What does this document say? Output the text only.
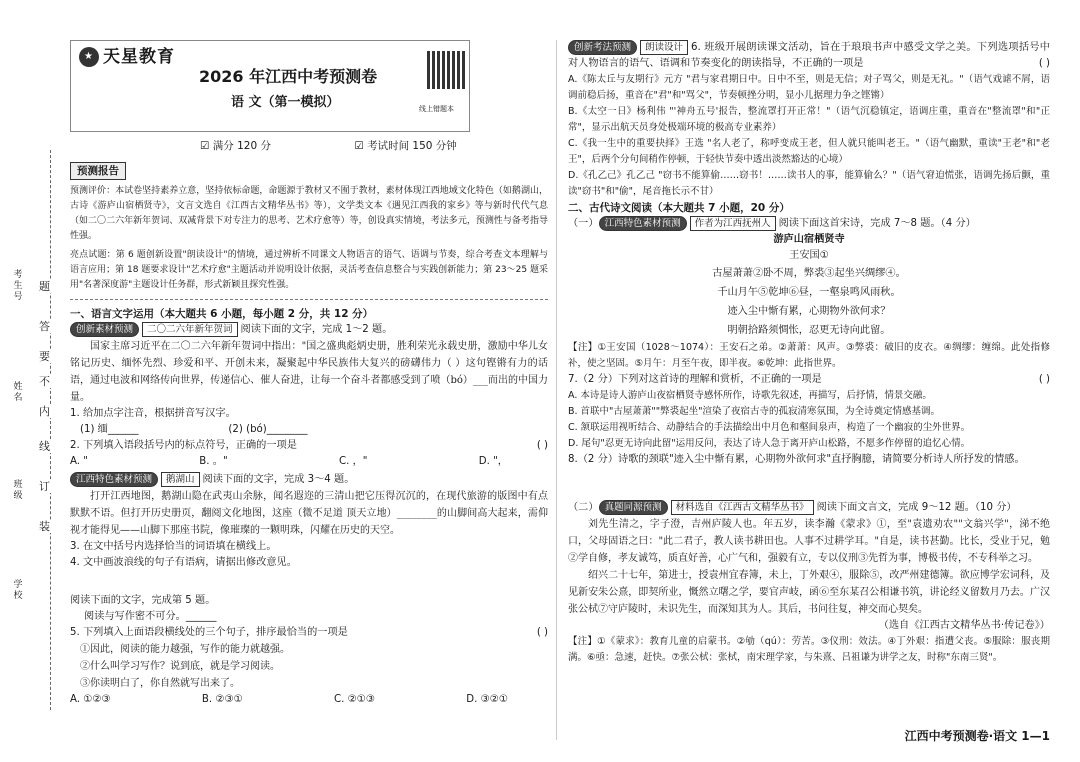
装
订
线
内
不
要
答
题
考生号
姓名
班级
学校
★ 天星教育
2026 年江西中考预测卷
语 文（第一模拟）	线上错题本
☑ 满分 120 分	☑ 考试时间 150 分钟
预测报告
预测评价：本试卷坚持素养立意，坚持依标命题，命题源于教材又不囿于教材，素材体现江西地域文化特色（如鹅湖山，古诗《游庐山宿栖贤寺》，文言文选自《江西古文精华丛书》等），文学类文本《遇见江西我的家乡》等与新时代代气息（如二〇二六年新年贺词、双减背景下对专注力的思考、艺术疗愈等）等，创设真实情境，考法多元，预测性与备考指导性强。
亮点试题：第 6 题创新设置"朗读设计"的情境，通过辨析不同课文人物语言的语气、语调与节奏，综合考查文本理解与语言应用；第 18 题要求设计"艺术疗愈"主题活动并说明设计依据，灵活考查信息整合与实践创新能力；第 23～25 题采用"名著深度游"主题设计任务群，形式新颖且探究性强。
一、语言文字运用（本大题共 6 小题，每小题 2 分，共 12 分）
创新素材预测 二〇二六年新年贺词 阅读下面的文字，完成 1～2 题。
国家主席习近平在二〇二六年新年贺词中指出："国之盛典彪炳史册，胜利荣光永载史册，激励中华儿女铭记历史、缅怀先烈、珍爱和平、开创未来，凝聚起中华民族伟大复兴的磅礴伟力（ ）这句铿锵有力的话语，通过电波和网络传向世界，传递信心、催人奋进，让每一个奋斗者都感受到了喷（bó）___而出的中国力量。
1. 给加点字注音，根据拼音写汉字。
(1) 缅______	(2) (bó)________
2. 下列填入语段括号内的标点符号，正确的一项是	( )
A. "	B. 。"	C. ，"	D. "，
江西特色素材预测 鹅湖山 阅读下面的文字，完成 3～4 题。
打开江西地图，鹅湖山隐在武夷山余脉，闻名遐迩的三清山把它压得沉沉的，在现代旅游的版图中有点默默不语。但打开历史册页，翻阅文化地图，这座（微不足道 顶天立地）________的山脚间高大起来，需仰视才能得见——山脚下那座书院，像璀璨的一颗明珠，闪耀在历史的天空。
3. 在文中括号内选择恰当的词语填在横线上。
4. 文中画波浪线的句子有语病，请据出修改意见。
阅读下面的文字，完成第 5 题。
阅读与写作密不可分。______
5. 下列填入上面语段横线处的三个句子，排序最恰当的一项是	( )
①因此，阅读的能力越强，写作的能力就越强。
②什么叫学习写作？说到底，就是学习阅读。
③你读明白了，你自然就写出来了。
A. ①②③	B. ②③①	C. ②①③	D. ③②①
创新考法预测 朗读设计 6. 班级开展朗读课文活动，旨在于琅琅书声中感受文学之美。下列选项括号中对人物语言的语气、语调和节奏变化的朗读指导，不正确的一项是	( )
A.《陈太丘与友期行》元方 "君与家君期日中。日中不至，则是无信；对子骂父，则是无礼。"（语气戏谑不屑，语调前稳后扬，重音在"君"和"骂父"，节奏顿挫分明，显小儿据理力争之铿锵）
B.《太空一日》杨利伟 "'神舟五号'报告，整流罩打开正常！"（语气沉稳镇定，语调庄重，重音在"整流罩"和"正常"，显示出航天员身处极端环境的极高专业素养）
C.《我一生中的重要抉择》王选 "名人老了，称呼变成王老，但人就只能叫老王。"（语气幽默，重读"王老"和"老王"，后两个分句间稍作停顿，于轻快节奏中透出淡然豁达的心境）
D.《孔乙己》孔乙己 "窃书不能算偷……窃书！……读书人的事，能算偷么？"（语气窘迫慌张，语调先扬后颤，重读"窃书"和"偷"，尾音拖长示不甘）
二、古代诗文阅读（本大题共 7 小题，20 分）
（一） 江西特色素材预测 作者为江西抚州人 阅读下面这首宋诗，完成 7～8 题。（4 分）
游庐山宿栖贤寺
王安国①
古屋萧萧②卧不周，弊裘③起坐兴绸缪④。
千山月午⑤乾坤⑥昼，一壑泉鸣风雨秋。
迹入尘中惭有累，心期物外欲何求？
明朝拾路须惆怅，忍更无诗向此留。
【注】①王安国（1028～1074）：王安石之弟。②萧萧：风声。③弊裘：破旧的皮衣。④绸缪：缠绵。此处指修补，使之坚固。⑤月午：月至午夜，即半夜。⑥乾坤：此指世界。
7.（2 分）下列对这首诗的理解和赏析，不正确的一项是	( )
A. 本诗是诗人游庐山夜宿栖贤寺感怀所作，诗歌先叙述，再描写，后抒情，情景交融。
B. 首联中"古屋萧萧""弊裘起坐"渲染了夜宿古寺的孤寂清寒氛围，为全诗奠定情感基调。
C. 颔联运用视听结合、动静结合的手法描绘出中月色和壑间泉声，构造了一个幽寂的尘外世界。
D. 尾句"忍更无诗向此留"运用反问，表达了诗人急于离开庐山松路，不愿多作停留的追忆心情。
8.（2 分）诗歌的颈联"迹入尘中惭有累，心期物外欲何求"直抒胸臆，请简要分析诗人所抒发的情感。
（二） 真题同源预测 材料选自《江西古文精华丛书》 阅读下面文言文，完成 9～12 题。（10 分）
刘先生清之，字子澄，吉州庐陵人也。年五岁，读李瀚《蒙求》①，至"袁遗劝农""文翁兴学"，涕不绝口，父母固语之曰："此二君子，教人读书耕田也。人事不过耕学耳。"自是，读书甚勤。比长，受业于兄，勉②学自修，孝友诚笃，质直好善，心广气和，强毅有立，专以仪刑③先哲为事，博极书传，不专科举之习。
绍兴二十七年，第进士，授袁州宜春簿，未上，丁外艰④，服除⑤，改严州建德簿。欲应博学宏词科，及见新安朱公熹，即契所业，慨然立曙之学，要官声岐，函⑥至东某召公相谦书筑，讲论经义留数月乃去。广汉张公栻⑦守庐陵时，未识先生，而深知其为人。其后，书问往复，神交而心契矣。
（选自《江西古文精华丛书·传记卷》）
【注】①《蒙求》：教育儿童的启蒙书。②劬（qú）：劳苦。③仪刑：效法。④丁外艰：指遭父丧。⑤服除：服丧期满。⑥亟：急速，赶快。⑦张公栻：张栻，南宋理学家，与朱熹、吕祖谦为讲学之友，时称"东南三贤"。
江西中考预测卷·语文 1—1
